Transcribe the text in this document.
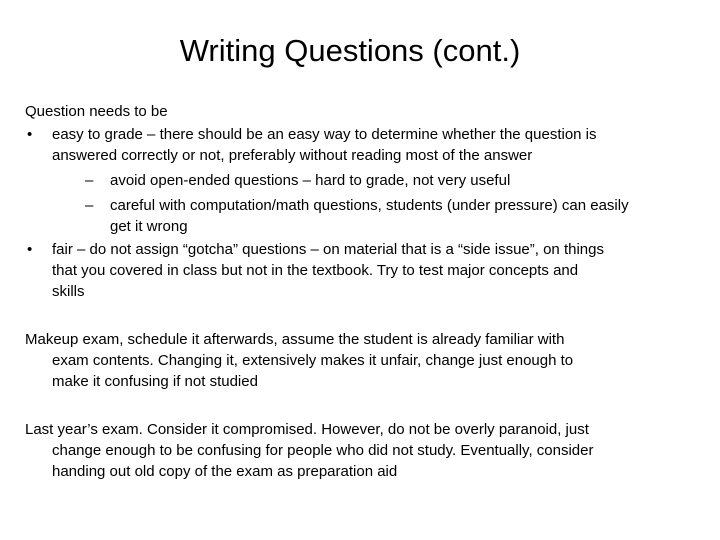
Writing Questions (cont.)

Question needs to be

• easy to grade – there should be an easy way to determine whether the question is
answered correctly or not, preferably without reading most of the answer
– avoid open-ended questions – hard to grade, not very useful
– careful with computation/math questions, students (under pressure) can easily
get it wrong
• fair – do not assign “gotcha” questions – on material that is a “side issue”, on things
that you covered in class but not in the textbook. Try to test major concepts and
skills
Makeup exam, schedule it afterwards, assume the student is already familiar with
exam contents. Changing it, extensively makes it unfair, change just enough to
make it confusing if not studied
Last year’s exam. Consider it compromised. However, do not be overly paranoid, just
change enough to be confusing for people who did not study. Eventually, consider
handing out old copy of the exam as preparation aid
